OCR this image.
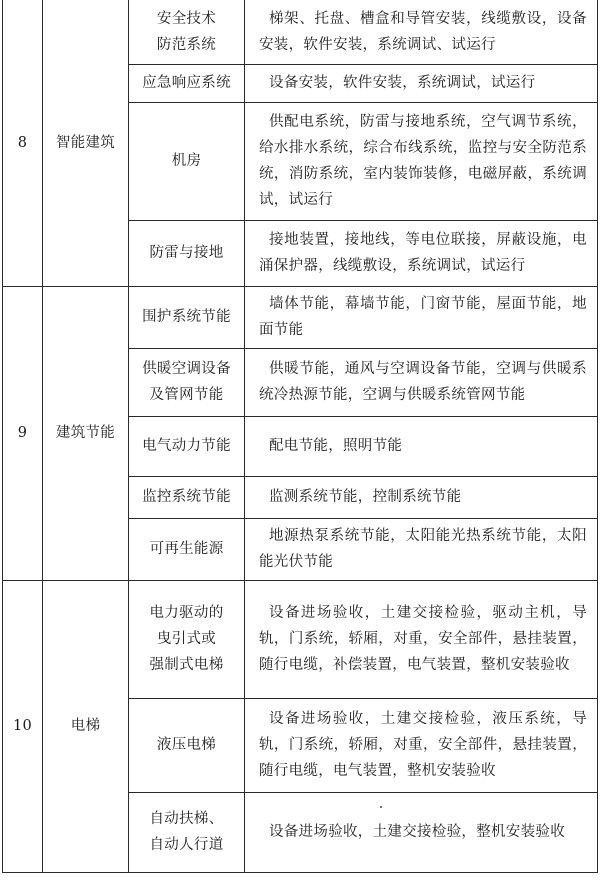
8	智能建筑	安全技术
防范系统	梯架、托盘、槽盒和导管安装，线缆敷设，设备安装，软件安装，系统调试、试运行

		应急响应系统	设备安装，软件安装，系统调试，试运行

		机房	供配电系统，防雷与接地系统，空气调节系统，给水排水系统，综合布线系统，监控与安全防范系统，消防系统，室内装饰装修，电磁屏蔽，系统调试，试运行

		防雷与接地	接地装置，接地线，等电位联接，屏蔽设施，电涌保护器，线缆敷设，系统调试，试运行

9	建筑节能	围护系统节能	墙体节能，幕墙节能，门窗节能，屋面节能，地面节能

		供暖空调设备
及管网节能	供暖节能，通风与空调设备节能，空调与供暖系统冷热源节能，空调与供暖系统管网节能

		电气动力节能	配电节能，照明节能

		监控系统节能	监测系统节能，控制系统节能

		可再生能源	地源热泵系统节能，太阳能光热系统节能，太阳能光伏节能

10	电梯	电力驱动的
曳引式或
强制式电梯	设备进场验收，土建交接检验，驱动主机，导轨，门系统，轿厢，对重，安全部件，悬挂装置，随行电缆，补偿装置，电气装置，整机安装验收

		液压电梯	设备进场验收，土建交接检验，液压系统，导轨，门系统，轿厢，对重，安全部件，悬挂装置，随行电缆，电气装置，整机安装验收

		自动扶梯、
自动人行道	设备进场验收，土建交接检验，整机安装验收
